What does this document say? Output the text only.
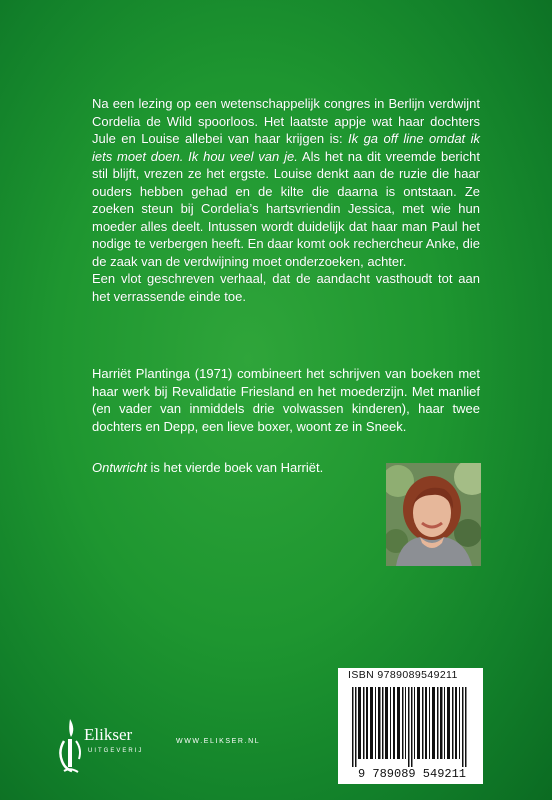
Na een lezing op een wetenschappelijk congres in Berlijn verdwijnt Cordelia de Wild spoorloos. Het laatste appje wat haar dochters Jule en Louise allebei van haar krijgen is: Ik ga off line omdat ik iets moet doen. Ik hou veel van je. Als het na dit vreemde bericht stil blijft, vrezen ze het ergste. Louise denkt aan de ruzie die haar ouders hebben gehad en de kilte die daarna is ontstaan. Ze zoeken steun bij Cordelia’s hartsvriendin Jessica, met wie hun moeder alles deelt. Intussen wordt duidelijk dat haar man Paul het nodige te verbergen heeft. En daar komt ook rechercheur Anke, die de zaak van de verdwijning moet onderzoeken, achter.

Een vlot geschreven verhaal, dat de aandacht vasthoudt tot aan het verrassende einde toe.

Harriët Plantinga (1971) combineert het schrijven van boeken met haar werk bij Revalidatie Friesland en het moederzijn. Met manlief (en vader van inmiddels drie volwassen kinderen), haar twee dochters en Depp, een lieve boxer, woont ze in Sneek.

Ontwricht is het vierde boek van Harriët.
ISBN 9789089549211
9 789089 549211
Elikser
UITGEVERIJ
WWW.ELIKSER.NL
